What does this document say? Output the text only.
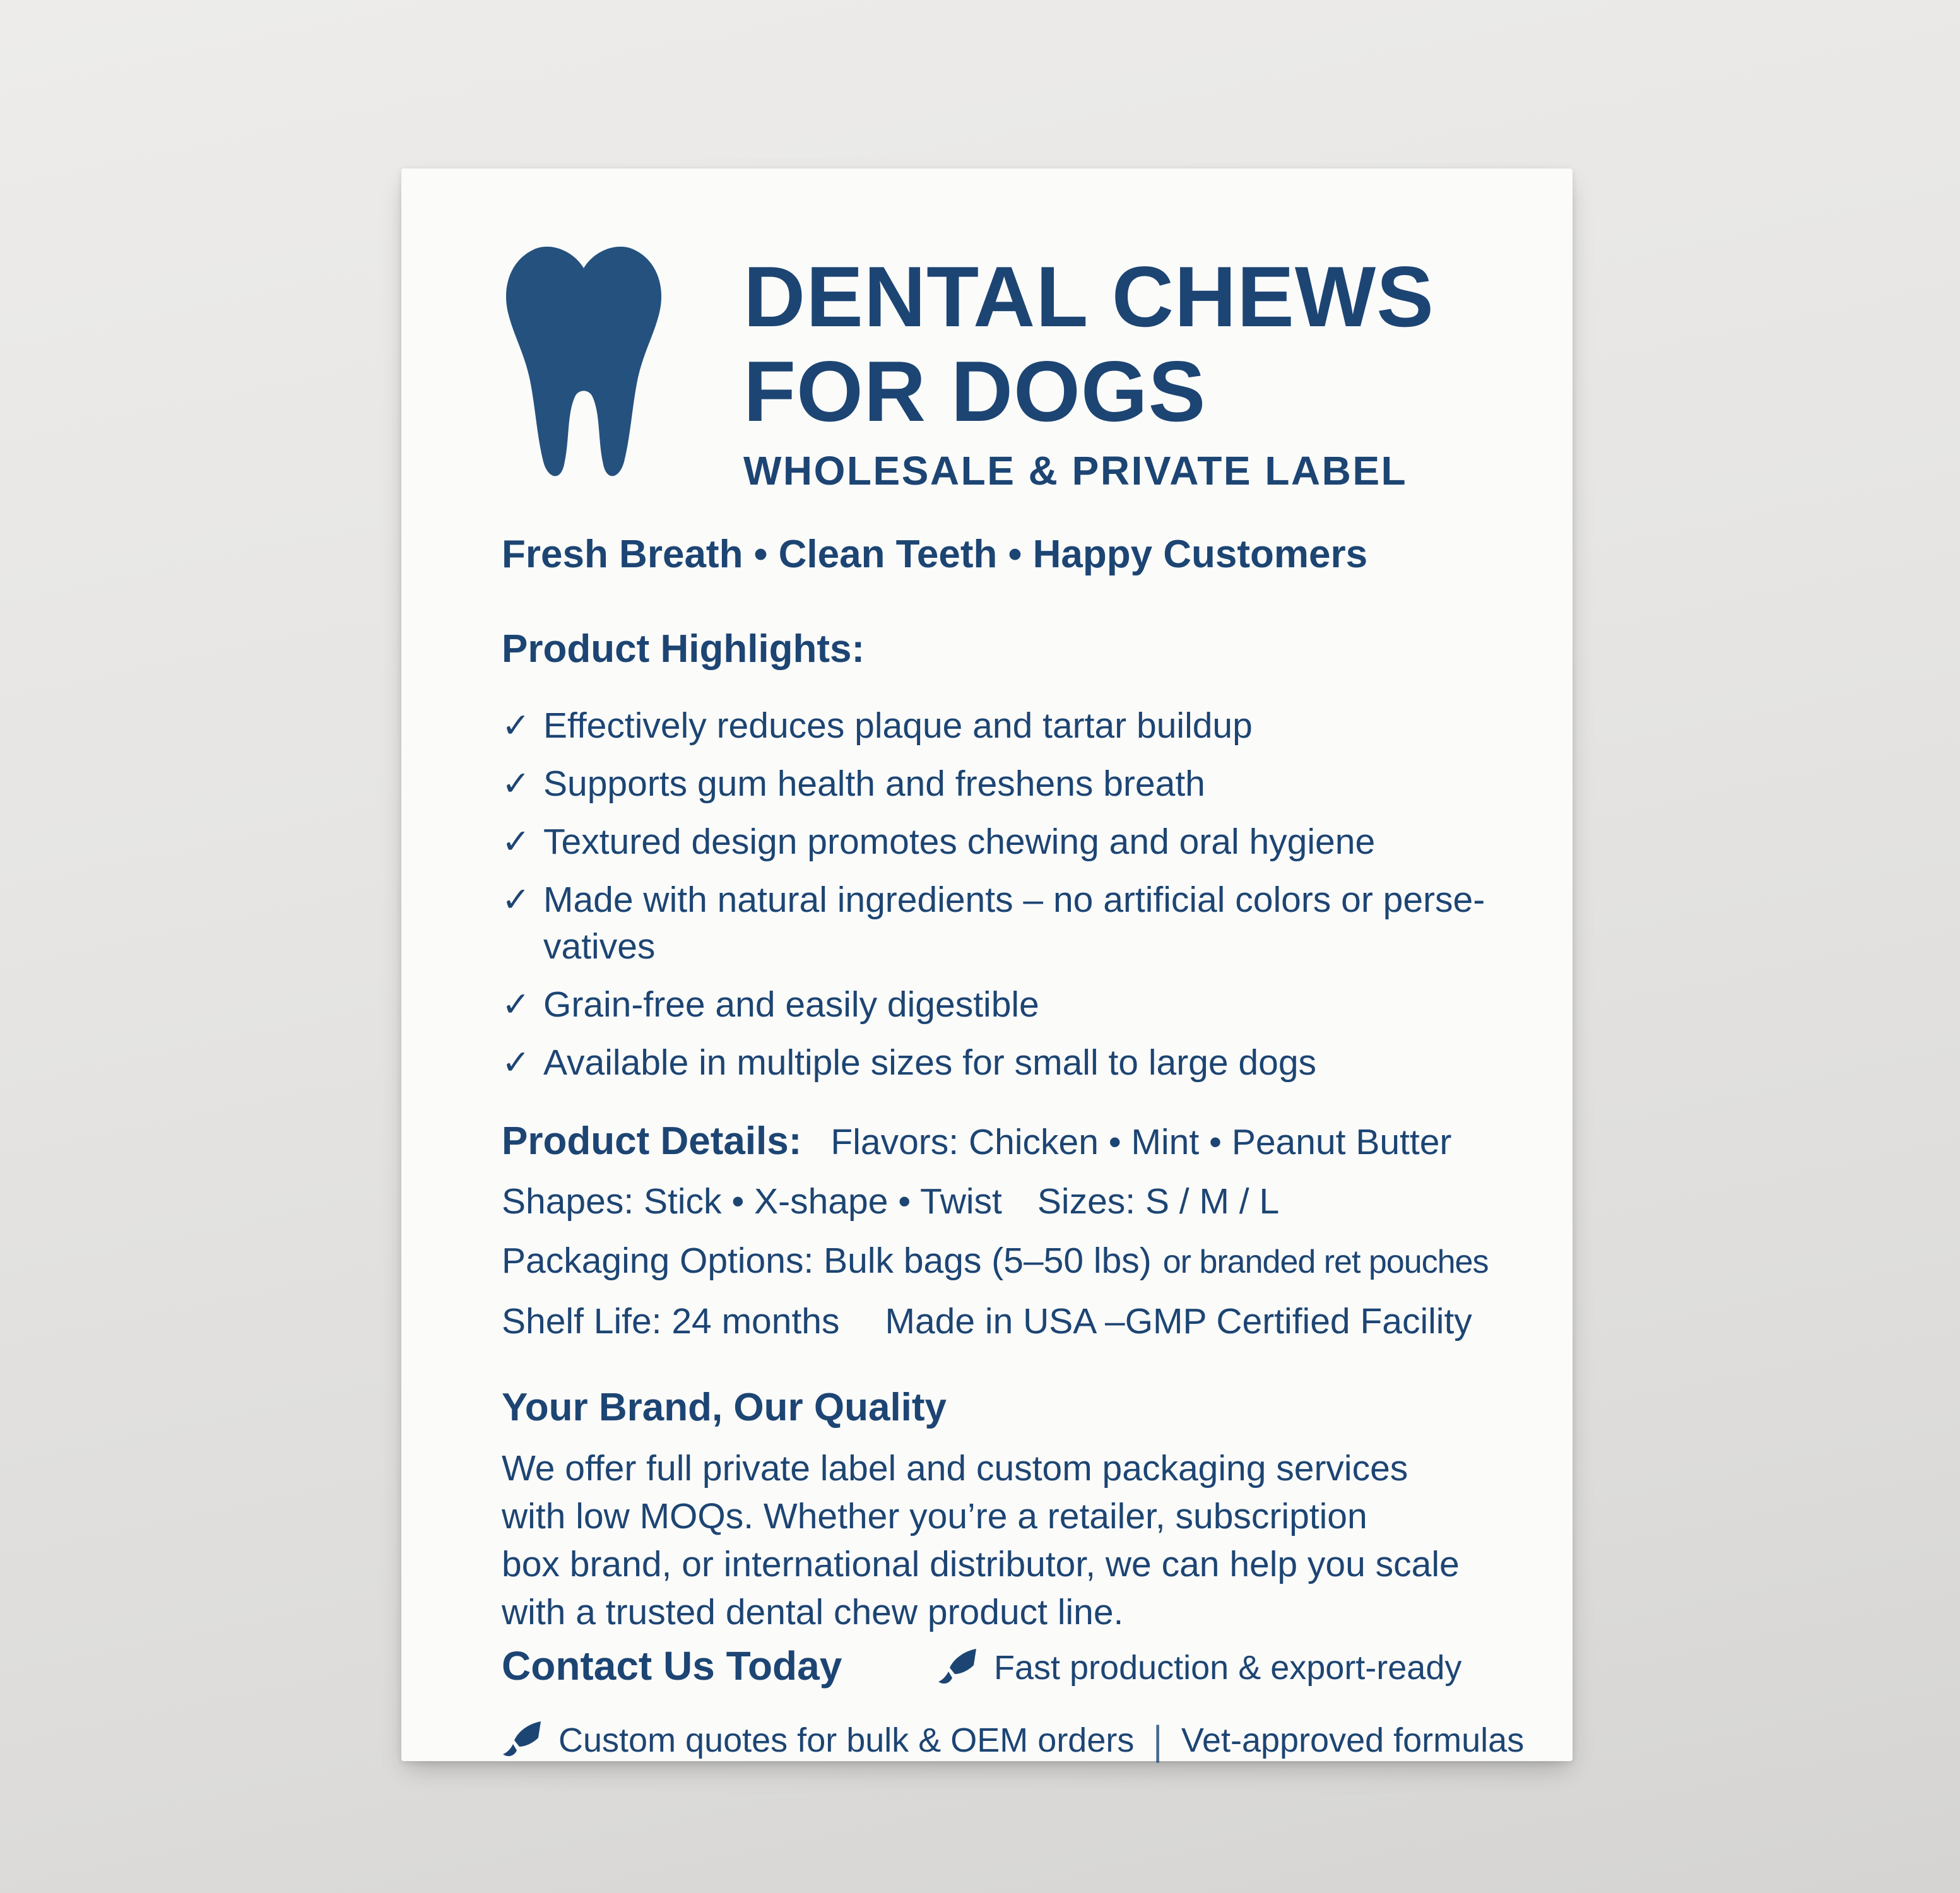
DENTAL CHEWS
FOR DOGS
WHOLESALE & PRIVATE LABEL
Fresh Breath • Clean Teeth • Happy Customers
Product Highlights:
✓ Effectively reduces plaque and tartar buildup
✓ Supports gum health and freshens breath
✓ Textured design promotes chewing and oral hygiene
✓ Made with natural ingredients – no artificial colors or perse-
vatives
✓ Grain-free and easily digestible
✓ Available in multiple sizes for small to large dogs
Product Details: Flavors: Chicken • Mint • Peanut Butter
Shapes: Stick • X-shape • Twist Sizes: S / M / L
Packaging Options: Bulk bags (5–50 lbs) or branded ret pouches
Shelf Life: 24 months Made in USA –GMP Certified Facility
Your Brand, Our Quality
We offer full private label and custom packaging services
with low MOQs. Whether you’re a retailer, subscription
box brand, or international distributor, we can help you scale
with a trusted dental chew product line.
Contact Us Today	Fast production & export-ready
Custom quotes for bulk & OEM orders | Vet-approved formulas
